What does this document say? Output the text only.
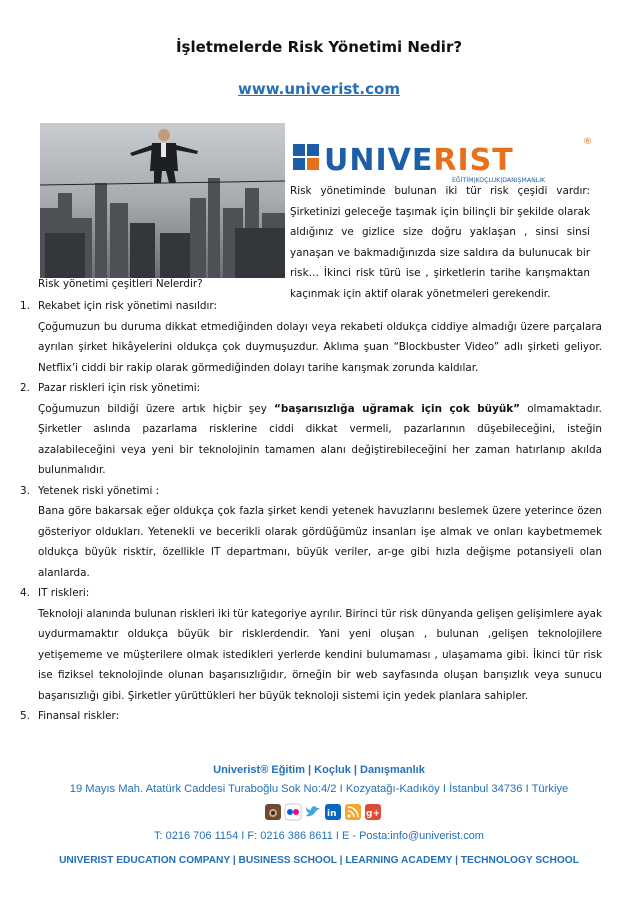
İşletmelerde Risk Yönetimi Nedir?
www.univerist.com
UNIVERIST
®
EĞİTİM|KOÇLUK|DANIŞMANLIK

Risk yönetiminde bulunan iki tür risk çeşidi vardır: Şirketinizi geleceğe taşımak için bilinçli bir şekilde olarak aldığınız ve gizlice size doğru yaklaşan , sinsi sinsi yanaşan ve bakmadığınızda size saldıra da bulunucak bir risk… İkinci risk türü ise , şirketlerin tarihe karışmaktan kaçınmak için aktif olarak yönetmeleri gerekendir.

Risk yönetimi çeşitleri Nelerdir?
1. Rekabet için risk yönetimi nasıldır:
Çoğumuzun bu duruma dikkat etmediğinden dolayı veya rekabeti oldukça ciddiye almadığı üzere parçalara ayrılan şirket hikâyelerini oldukça çok duymuşuzdur. Aklıma şuan “Blockbuster Video” adlı şirketi geliyor. Netflix’i ciddi bir rakip olarak görmediğinden dolayı tarihe karışmak zorunda kaldılar.
2. Pazar riskleri için risk yönetimi:
Çoğumuzun bildiği üzere artık hiçbir şey “başarısızlığa uğramak için çok büyük” olmamaktadır. Şirketler aslında pazarlama risklerine ciddi dikkat vermeli, pazarlarının düşebileceğini, isteğin azalabileceğini veya yeni bir teknolojinin tamamen alanı değiştirebileceğini her zaman hatırlanıp akılda bulunmalıdır.
3. Yetenek riski yönetimi :
Bana göre bakarsak eğer oldukça çok fazla şirket kendi yetenek havuzlarını beslemek üzere yeterince özen gösteriyor oldukları. Yetenekli ve becerikli olarak gördüğümüz insanları işe almak ve onları kaybetmemek oldukça büyük risktir, özellikle IT departmanı, büyük veriler, ar-ge gibi hızla değişme potansiyeli olan alanlarda.
4. IT riskleri:
Teknoloji alanında bulunan riskleri iki tür kategoriye ayrılır. Birinci tür risk dünyanda gelişen gelişimlere ayak uydurmamaktır oldukça büyük bir risklerdendir. Yani yeni oluşan , bulunan ,gelişen teknolojilere yetişememe ve müşterilere olmak istedikleri yerlerde kendini bulumaması , ulaşamama gibi. İkinci tür risk ise fiziksel teknolojinde olunan başarısızlığıdır, örneğin bir web sayfasında oluşan barışızlık veya sunucu başarısızlığı gibi. Şirketler yürüttükleri her büyük teknoloji sistemi için yedek planlara sahipler.
5. Finansal riskler:
Univerist® Eğitim | Koçluk | Danışmanlık
19 Mayıs Mah. Atatürk Caddesi Turaboğlu Sok No:4/2 I Kozyatağı-Kadıköy I İstanbul 34736 I Türkiye
in	g+
T: 0216 706 1154 I F: 0216 386 8611 I E - Posta:info@univerist.com
UNIVERIST EDUCATION COMPANY | BUSINESS SCHOOL | LEARNING ACADEMY | TECHNOLOGY SCHOOL
